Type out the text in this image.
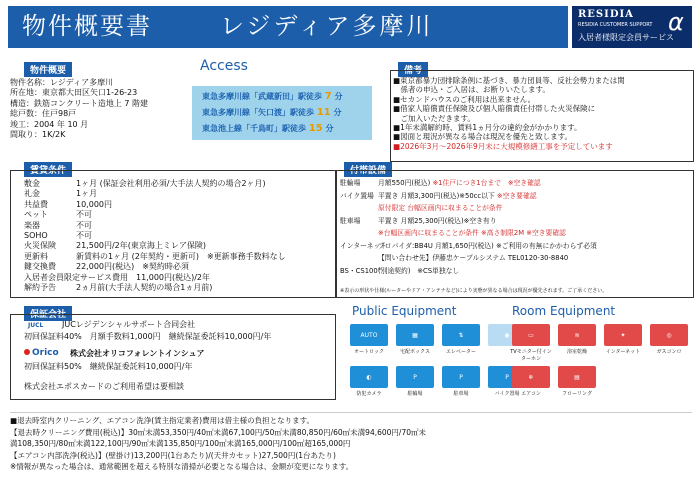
物件概要書	レジディア多摩川	RESIDIA
RESIDIA CUSTOMER SUPPORT
入居者様限定会員サービス
α
物件概要
物件名称：レジディア多摩川
所在地：東京都大田区矢口1-26-23
構造：鉄筋コンクリート造地上 7 階建
総戸数：住戸98戸
竣工：2004 年 10 月
間取り：1K/2K
Access
東急多摩川線「武蔵新田」駅徒歩 7 分
東急多摩川線「矢口渡」駅徒歩 11 分
東急池上線「千鳥町」駅徒歩 15 分
備考
■東京都暴力団排除条例に基づき、暴力団員等、反社会勢力または関
　係者の申込・ご入居は、お断りいたします。
■セカンドハウスのご利用は出来ません。
■借家人賠償責任保険及び個人賠償責任付帯した火災保険に
　ご加入いただきます。
■1年未満解約時、賃料1ヵ月分の違約金がかかります。
■図面と現況が異なる場合は現況を優先と致します。
■2026年3月～2026年9月末に大規模修繕工事を予定しています
賃貸条件
敷金	1ヶ月 (保証会社利用必須/大手法人契約の場合2ヶ月)
礼金	1ヶ月
共益費	10,000円
ペット	不可
楽器	不可
SOHO	不可
火災保険	21,500円/2年(東京海上ミレア保険)
更新料	新賃料の1ヶ月 (2年契約・更新可)　※更新事務手数料なし
鍵交換費	22,000円(税込)　※契約時必須
入居者会員限定サービス費用　 11,000円(税込)/2年
解約予告	2ヵ月前(大手法人契約の場合1ヵ月前)
付帯設備
駐輪場	月額550円(税込) ※1住戸につき1台まで　※空き確認
バイク置場 平置き 月額3,300円(税込)※50cc以下 ※空き要確認
原付限定 台幅区画内に収まることが条件
駐車場	平置き 月額25,300円(税込)※空き有り
※台幅区画内に収まることが条件 ※高さ制限2M ※空き要確認
インターネットプロバイダ:BB4U 月額1,650円(税込) ※ご利用の有無にかかわらず必須
【問い合わせ先】伊藤忠ケーブルシステム TEL0120-30-8840
BS・CS100°(別途契約)　※CS単独なし
※表示の形状や仕様(ルーターやドア・アンテナなど)により実態が異なる場合は現況が優先されます。ご了承ください。
保証会社
JUCL JUCレジデンシャルサポート合同会社
初回保証料40%　月額手数料1,000円　継続保証委託料10,000円/年
Orico 株式会社オリコフォレントインシュア
初回保証料50%　継続保証委託料10,000円/年
株式会社エポスカードのご利用希望は要相談
Public Equipment
AUTO	▦	⇅	◉
オートロック	宅配ボックス	エレベーター
◐	P	P	P
防犯カメラ	駐輪場	駐車場	バイク置場
Room Equipment
▭	≋	✦	◎
TVモニター付インターホン
浴室乾燥	インターネット	ガスコンロ
❄	▤
エアコン	フローリング
■退去時室内クリーニング、エアコン洗浄(賃主指定業者)費用は借主様の負担となります。
【退去時クリーニング費用(税込)】30㎡未満53,350円/40㎡未満67,100円/50㎡未満80,850円/60㎡未満94,600円/70㎡未
満108,350円/80㎡未満122,100円/90㎡未満135,850円/100㎡未満165,000円/100㎡超165,000円
【エアコン内部洗浄(税込)】(壁掛け)13,200円(1台あたり)/(天井カセット)27,500円(1台あたり)
※情報が異なった場合は、通常範囲を超える特別な清掃が必要となる場合は、金額が変更になります。
